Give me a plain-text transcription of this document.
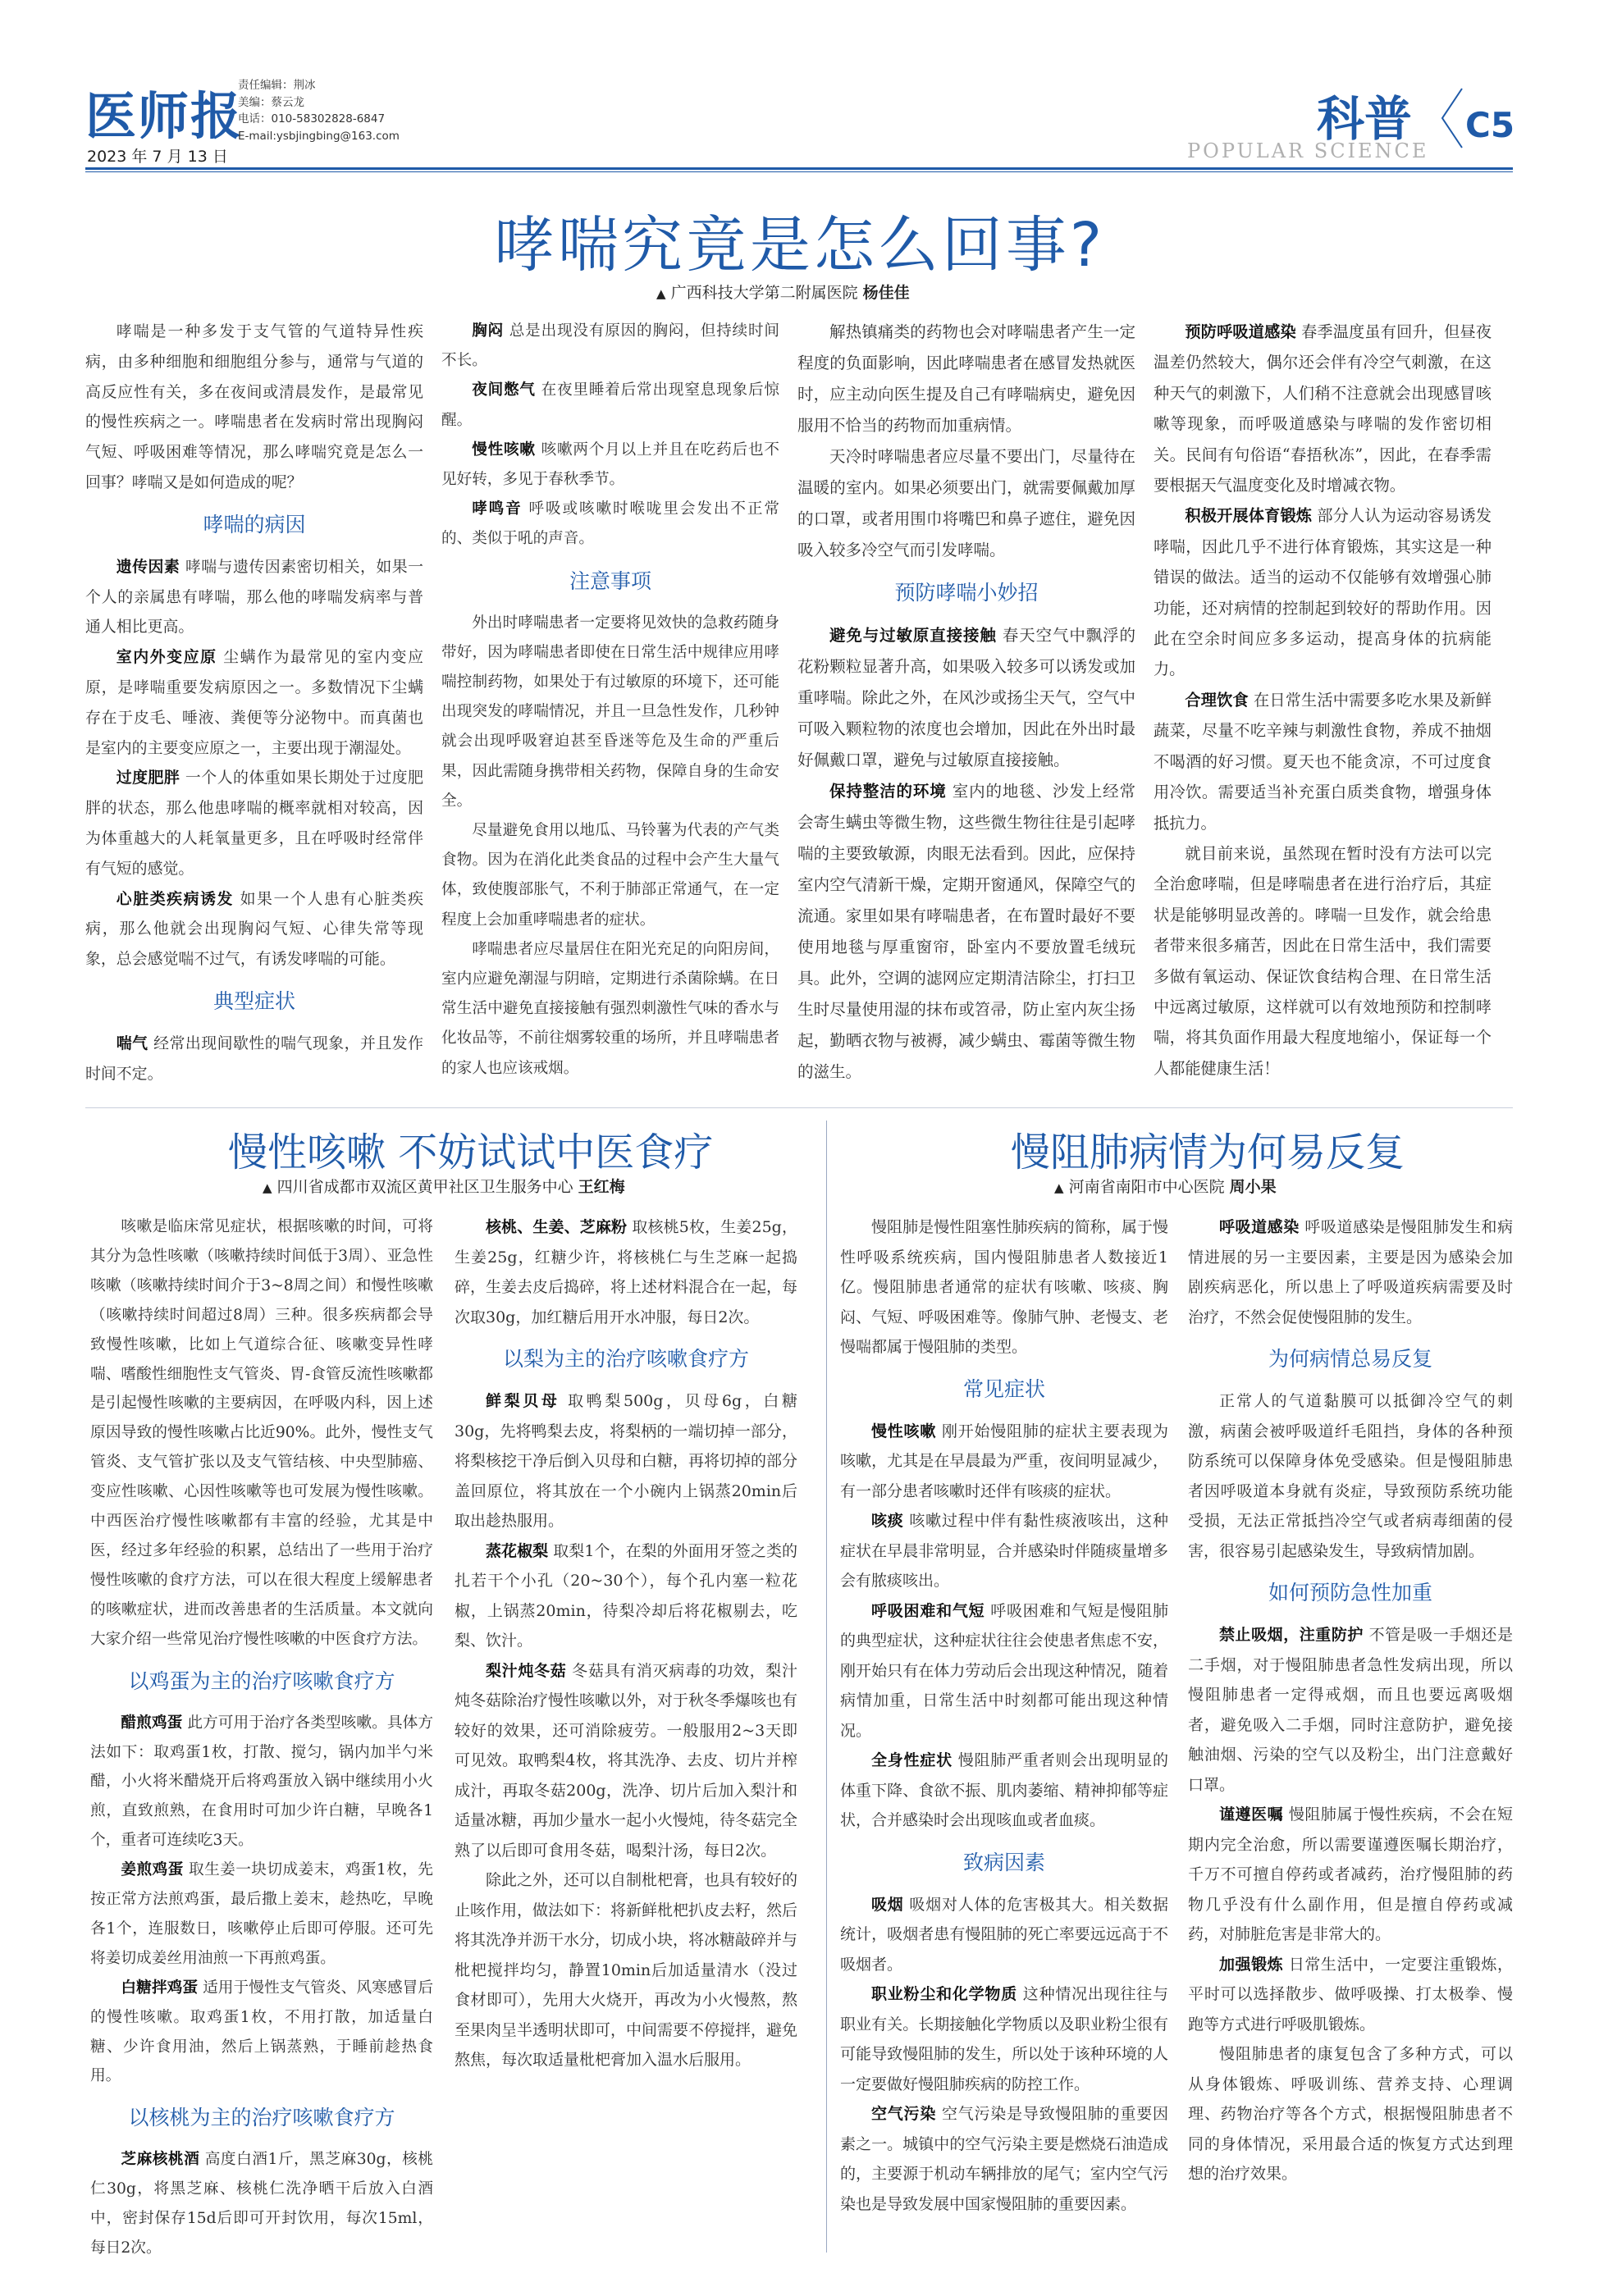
医师报
2023 年 7 月 13 日
责任编辑：荆冰
美编：蔡云龙
电话：010-58302828-6847
E-mail:ysbjingbing@163.com	科普 C5
POPULAR SCIENCE
哮喘究竟是怎么回事?
▲ 广西科技大学第二附属医院 杨佳佳

哮喘是一种多发于支气管的气道特异性疾病，由多种细胞和细胞组分参与，通常与气道的高反应性有关，多在夜间或清晨发作，是最常见的慢性疾病之一。哮喘患者在发病时常出现胸闷气短、呼吸困难等情况，那么哮喘究竟是怎么一回事？哮喘又是如何造成的呢？

哮喘的病因

遗传因素 哮喘与遗传因素密切相关，如果一个人的亲属患有哮喘，那么他的哮喘发病率与普通人相比更高。

室内外变应原 尘螨作为最常见的室内变应原，是哮喘重要发病原因之一。多数情况下尘螨存在于皮毛、唾液、粪便等分泌物中。而真菌也是室内的主要变应原之一，主要出现于潮湿处。

过度肥胖 一个人的体重如果长期处于过度肥胖的状态，那么他患哮喘的概率就相对较高，因为体重越大的人耗氧量更多，且在呼吸时经常伴有气短的感觉。

心脏类疾病诱发 如果一个人患有心脏类疾病，那么他就会出现胸闷气短、心律失常等现象，总会感觉喘不过气，有诱发哮喘的可能。

典型症状

喘气 经常出现间歇性的喘气现象，并且发作时间不定。

胸闷 总是出现没有原因的胸闷，但持续时间不长。

夜间憋气 在夜里睡着后常出现窒息现象后惊醒。

慢性咳嗽 咳嗽两个月以上并且在吃药后也不见好转，多见于春秋季节。

哮鸣音 呼吸或咳嗽时喉咙里会发出不正常的、类似于吼的声音。

注意事项

外出时哮喘患者一定要将见效快的急救药随身带好，因为哮喘患者即使在日常生活中规律应用哮喘控制药物，如果处于有过敏原的环境下，还可能出现突发的哮喘情况，并且一旦急性发作，几秒钟就会出现呼吸窘迫甚至昏迷等危及生命的严重后果，因此需随身携带相关药物，保障自身的生命安全。

尽量避免食用以地瓜、马铃薯为代表的产气类食物。因为在消化此类食品的过程中会产生大量气体，致使腹部胀气，不利于肺部正常通气，在一定程度上会加重哮喘患者的症状。

哮喘患者应尽量居住在阳光充足的向阳房间，室内应避免潮湿与阴暗，定期进行杀菌除螨。在日常生活中避免直接接触有强烈刺激性气味的香水与化妆品等，不前往烟雾较重的场所，并且哮喘患者的家人也应该戒烟。

解热镇痛类的药物也会对哮喘患者产生一定程度的负面影响，因此哮喘患者在感冒发热就医时，应主动向医生提及自己有哮喘病史，避免因服用不恰当的药物而加重病情。

天冷时哮喘患者应尽量不要出门，尽量待在温暖的室内。如果必须要出门，就需要佩戴加厚的口罩，或者用围巾将嘴巴和鼻子遮住，避免因吸入较多冷空气而引发哮喘。

预防哮喘小妙招

避免与过敏原直接接触 春天空气中飘浮的花粉颗粒显著升高，如果吸入较多可以诱发或加重哮喘。除此之外，在风沙或扬尘天气，空气中可吸入颗粒物的浓度也会增加，因此在外出时最好佩戴口罩，避免与过敏原直接接触。

保持整洁的环境 室内的地毯、沙发上经常会寄生螨虫等微生物，这些微生物往往是引起哮喘的主要致敏源，肉眼无法看到。因此，应保持室内空气清新干燥，定期开窗通风，保障空气的流通。家里如果有哮喘患者，在布置时最好不要使用地毯与厚重窗帘，卧室内不要放置毛绒玩具。此外，空调的滤网应定期清洁除尘，打扫卫生时尽量使用湿的抹布或笤帚，防止室内灰尘扬起，勤晒衣物与被褥，减少螨虫、霉菌等微生物的滋生。

预防呼吸道感染 春季温度虽有回升，但昼夜温差仍然较大，偶尔还会伴有冷空气刺激，在这种天气的刺激下，人们稍不注意就会出现感冒咳嗽等现象，而呼吸道感染与哮喘的发作密切相关。民间有句俗语“春捂秋冻”，因此，在春季需要根据天气温度变化及时增减衣物。

积极开展体育锻炼 部分人认为运动容易诱发哮喘，因此几乎不进行体育锻炼，其实这是一种错误的做法。适当的运动不仅能够有效增强心肺功能，还对病情的控制起到较好的帮助作用。因此在空余时间应多多运动，提高身体的抗病能力。

合理饮食 在日常生活中需要多吃水果及新鲜蔬菜，尽量不吃辛辣与刺激性食物，养成不抽烟不喝酒的好习惯。夏天也不能贪凉，不可过度食用冷饮。需要适当补充蛋白质类食物，增强身体抵抗力。

就目前来说，虽然现在暂时没有方法可以完全治愈哮喘，但是哮喘患者在进行治疗后，其症状是能够明显改善的。哮喘一旦发作，就会给患者带来很多痛苦，因此在日常生活中，我们需要多做有氧运动、保证饮食结构合理、在日常生活中远离过敏原，这样就可以有效地预防和控制哮喘，将其负面作用最大程度地缩小，保证每一个人都能健康生活！

慢性咳嗽 不妨试试中医食疗
▲ 四川省成都市双流区黄甲社区卫生服务中心 王红梅
慢阻肺病情为何易反复
▲ 河南省南阳市中心医院 周小果

咳嗽是临床常见症状，根据咳嗽的时间，可将其分为急性咳嗽（咳嗽持续时间低于3周）、亚急性咳嗽（咳嗽持续时间介于3~8周之间）和慢性咳嗽（咳嗽持续时间超过8周）三种。很多疾病都会导致慢性咳嗽，比如上气道综合征、咳嗽变异性哮喘、嗜酸性细胞性支气管炎、胃-食管反流性咳嗽都是引起慢性咳嗽的主要病因，在呼吸内科，因上述原因导致的慢性咳嗽占比近90%。此外，慢性支气管炎、支气管扩张以及支气管结核、中央型肺癌、变应性咳嗽、心因性咳嗽等也可发展为慢性咳嗽。中西医治疗慢性咳嗽都有丰富的经验，尤其是中医，经过多年经验的积累，总结出了一些用于治疗慢性咳嗽的食疗方法，可以在很大程度上缓解患者的咳嗽症状，进而改善患者的生活质量。本文就向大家介绍一些常见治疗慢性咳嗽的中医食疗方法。

以鸡蛋为主的治疗咳嗽食疗方

醋煎鸡蛋 此方可用于治疗各类型咳嗽。具体方法如下：取鸡蛋1枚，打散、搅匀，锅内加半勺米醋，小火将米醋烧开后将鸡蛋放入锅中继续用小火煎，直致煎熟，在食用时可加少许白糖，早晚各1个，重者可连续吃3天。

姜煎鸡蛋 取生姜一块切成姜末，鸡蛋1枚，先按正常方法煎鸡蛋，最后撒上姜末，趁热吃，早晚各1个，连服数日，咳嗽停止后即可停服。还可先将姜切成姜丝用油煎一下再煎鸡蛋。

白糖拌鸡蛋 适用于慢性支气管炎、风寒感冒后的慢性咳嗽。取鸡蛋1枚，不用打散，加适量白糖、少许食用油，然后上锅蒸熟，于睡前趁热食用。

以核桃为主的治疗咳嗽食疗方

芝麻核桃酒 高度白酒1斤，黑芝麻30g，核桃仁30g，将黑芝麻、核桃仁洗净晒干后放入白酒中，密封保存15d后即可开封饮用，每次15ml，每日2次。

核桃、生姜、芝麻粉 取核桃5枚，生姜25g，生姜25g，红糖少许，将核桃仁与生芝麻一起捣碎，生姜去皮后捣碎，将上述材料混合在一起，每次取30g，加红糖后用开水冲服，每日2次。

以梨为主的治疗咳嗽食疗方

鲜梨贝母 取鸭梨500g，贝母6g，白糖30g，先将鸭梨去皮，将梨柄的一端切掉一部分，将梨核挖干净后倒入贝母和白糖，再将切掉的部分盖回原位，将其放在一个小碗内上锅蒸20min后取出趁热服用。

蒸花椒梨 取梨1个，在梨的外面用牙签之类的扎若干个小孔（20~30个），每个孔内塞一粒花椒，上锅蒸20min，待梨冷却后将花椒剔去，吃梨、饮汁。

梨汁炖冬菇 冬菇具有消灭病毒的功效，梨汁炖冬菇除治疗慢性咳嗽以外，对于秋冬季爆咳也有较好的效果，还可消除疲劳。一般服用2~3天即可见效。取鸭梨4枚，将其洗净、去皮、切片并榨成汁，再取冬菇200g，洗净、切片后加入梨汁和适量冰糖，再加少量水一起小火慢炖，待冬菇完全熟了以后即可食用冬菇，喝梨汁汤，每日2次。

除此之外，还可以自制枇杷膏，也具有较好的止咳作用，做法如下：将新鲜枇杷扒皮去籽，然后将其洗净并沥干水分，切成小块，将冰糖敲碎并与枇杷搅拌均匀，静置10min后加适量清水（没过食材即可），先用大火烧开，再改为小火慢熬，熬至果肉呈半透明状即可，中间需要不停搅拌，避免熬焦，每次取适量枇杷膏加入温水后服用。

慢阻肺是慢性阻塞性肺疾病的简称，属于慢性呼吸系统疾病，国内慢阻肺患者人数接近1亿。慢阻肺患者通常的症状有咳嗽、咳痰、胸闷、气短、呼吸困难等。像肺气肿、老慢支、老慢喘都属于慢阻肺的类型。

常见症状

慢性咳嗽 刚开始慢阻肺的症状主要表现为咳嗽，尤其是在早晨最为严重，夜间明显减少，有一部分患者咳嗽时还伴有咳痰的症状。

咳痰 咳嗽过程中伴有黏性痰液咳出，这种症状在早晨非常明显，合并感染时伴随痰量增多会有脓痰咳出。

呼吸困难和气短 呼吸困难和气短是慢阻肺的典型症状，这种症状往往会使患者焦虑不安，刚开始只有在体力劳动后会出现这种情况，随着病情加重，日常生活中时刻都可能出现这种情况。

全身性症状 慢阻肺严重者则会出现明显的体重下降、食欲不振、肌肉萎缩、精神抑郁等症状，合并感染时会出现咳血或者血痰。

致病因素

吸烟 吸烟对人体的危害极其大。相关数据统计，吸烟者患有慢阻肺的死亡率要远远高于不吸烟者。

职业粉尘和化学物质 这种情况出现往往与职业有关。长期接触化学物质以及职业粉尘很有可能导致慢阻肺的发生，所以处于该种环境的人一定要做好慢阻肺疾病的防控工作。

空气污染 空气污染是导致慢阻肺的重要因素之一。城镇中的空气污染主要是燃烧石油造成的，主要源于机动车辆排放的尾气；室内空气污染也是导致发展中国家慢阻肺的重要因素。

呼吸道感染 呼吸道感染是慢阻肺发生和病情进展的另一主要因素，主要是因为感染会加剧疾病恶化，所以患上了呼吸道疾病需要及时治疗，不然会促使慢阻肺的发生。

为何病情总易反复

正常人的气道黏膜可以抵御冷空气的刺激，病菌会被呼吸道纤毛阻挡，身体的各种预防系统可以保障身体免受感染。但是慢阻肺患者因呼吸道本身就有炎症，导致预防系统功能受损，无法正常抵挡冷空气或者病毒细菌的侵害，很容易引起感染发生，导致病情加剧。

如何预防急性加重

禁止吸烟，注重防护 不管是吸一手烟还是二手烟，对于慢阻肺患者急性发病出现，所以慢阻肺患者一定得戒烟，而且也要远离吸烟者，避免吸入二手烟，同时注意防护，避免接触油烟、污染的空气以及粉尘，出门注意戴好口罩。

谨遵医嘱 慢阻肺属于慢性疾病，不会在短期内完全治愈，所以需要谨遵医嘱长期治疗，千万不可擅自停药或者减药，治疗慢阻肺的药物几乎没有什么副作用，但是擅自停药或减药，对肺脏危害是非常大的。

加强锻炼 日常生活中，一定要注重锻炼，平时可以选择散步、做呼吸操、打太极拳、慢跑等方式进行呼吸肌锻炼。

慢阻肺患者的康复包含了多种方式，可以从身体锻炼、呼吸训练、营养支持、心理调理、药物治疗等各个方式，根据慢阻肺患者不同的身体情况，采用最合适的恢复方式达到理想的治疗效果。
